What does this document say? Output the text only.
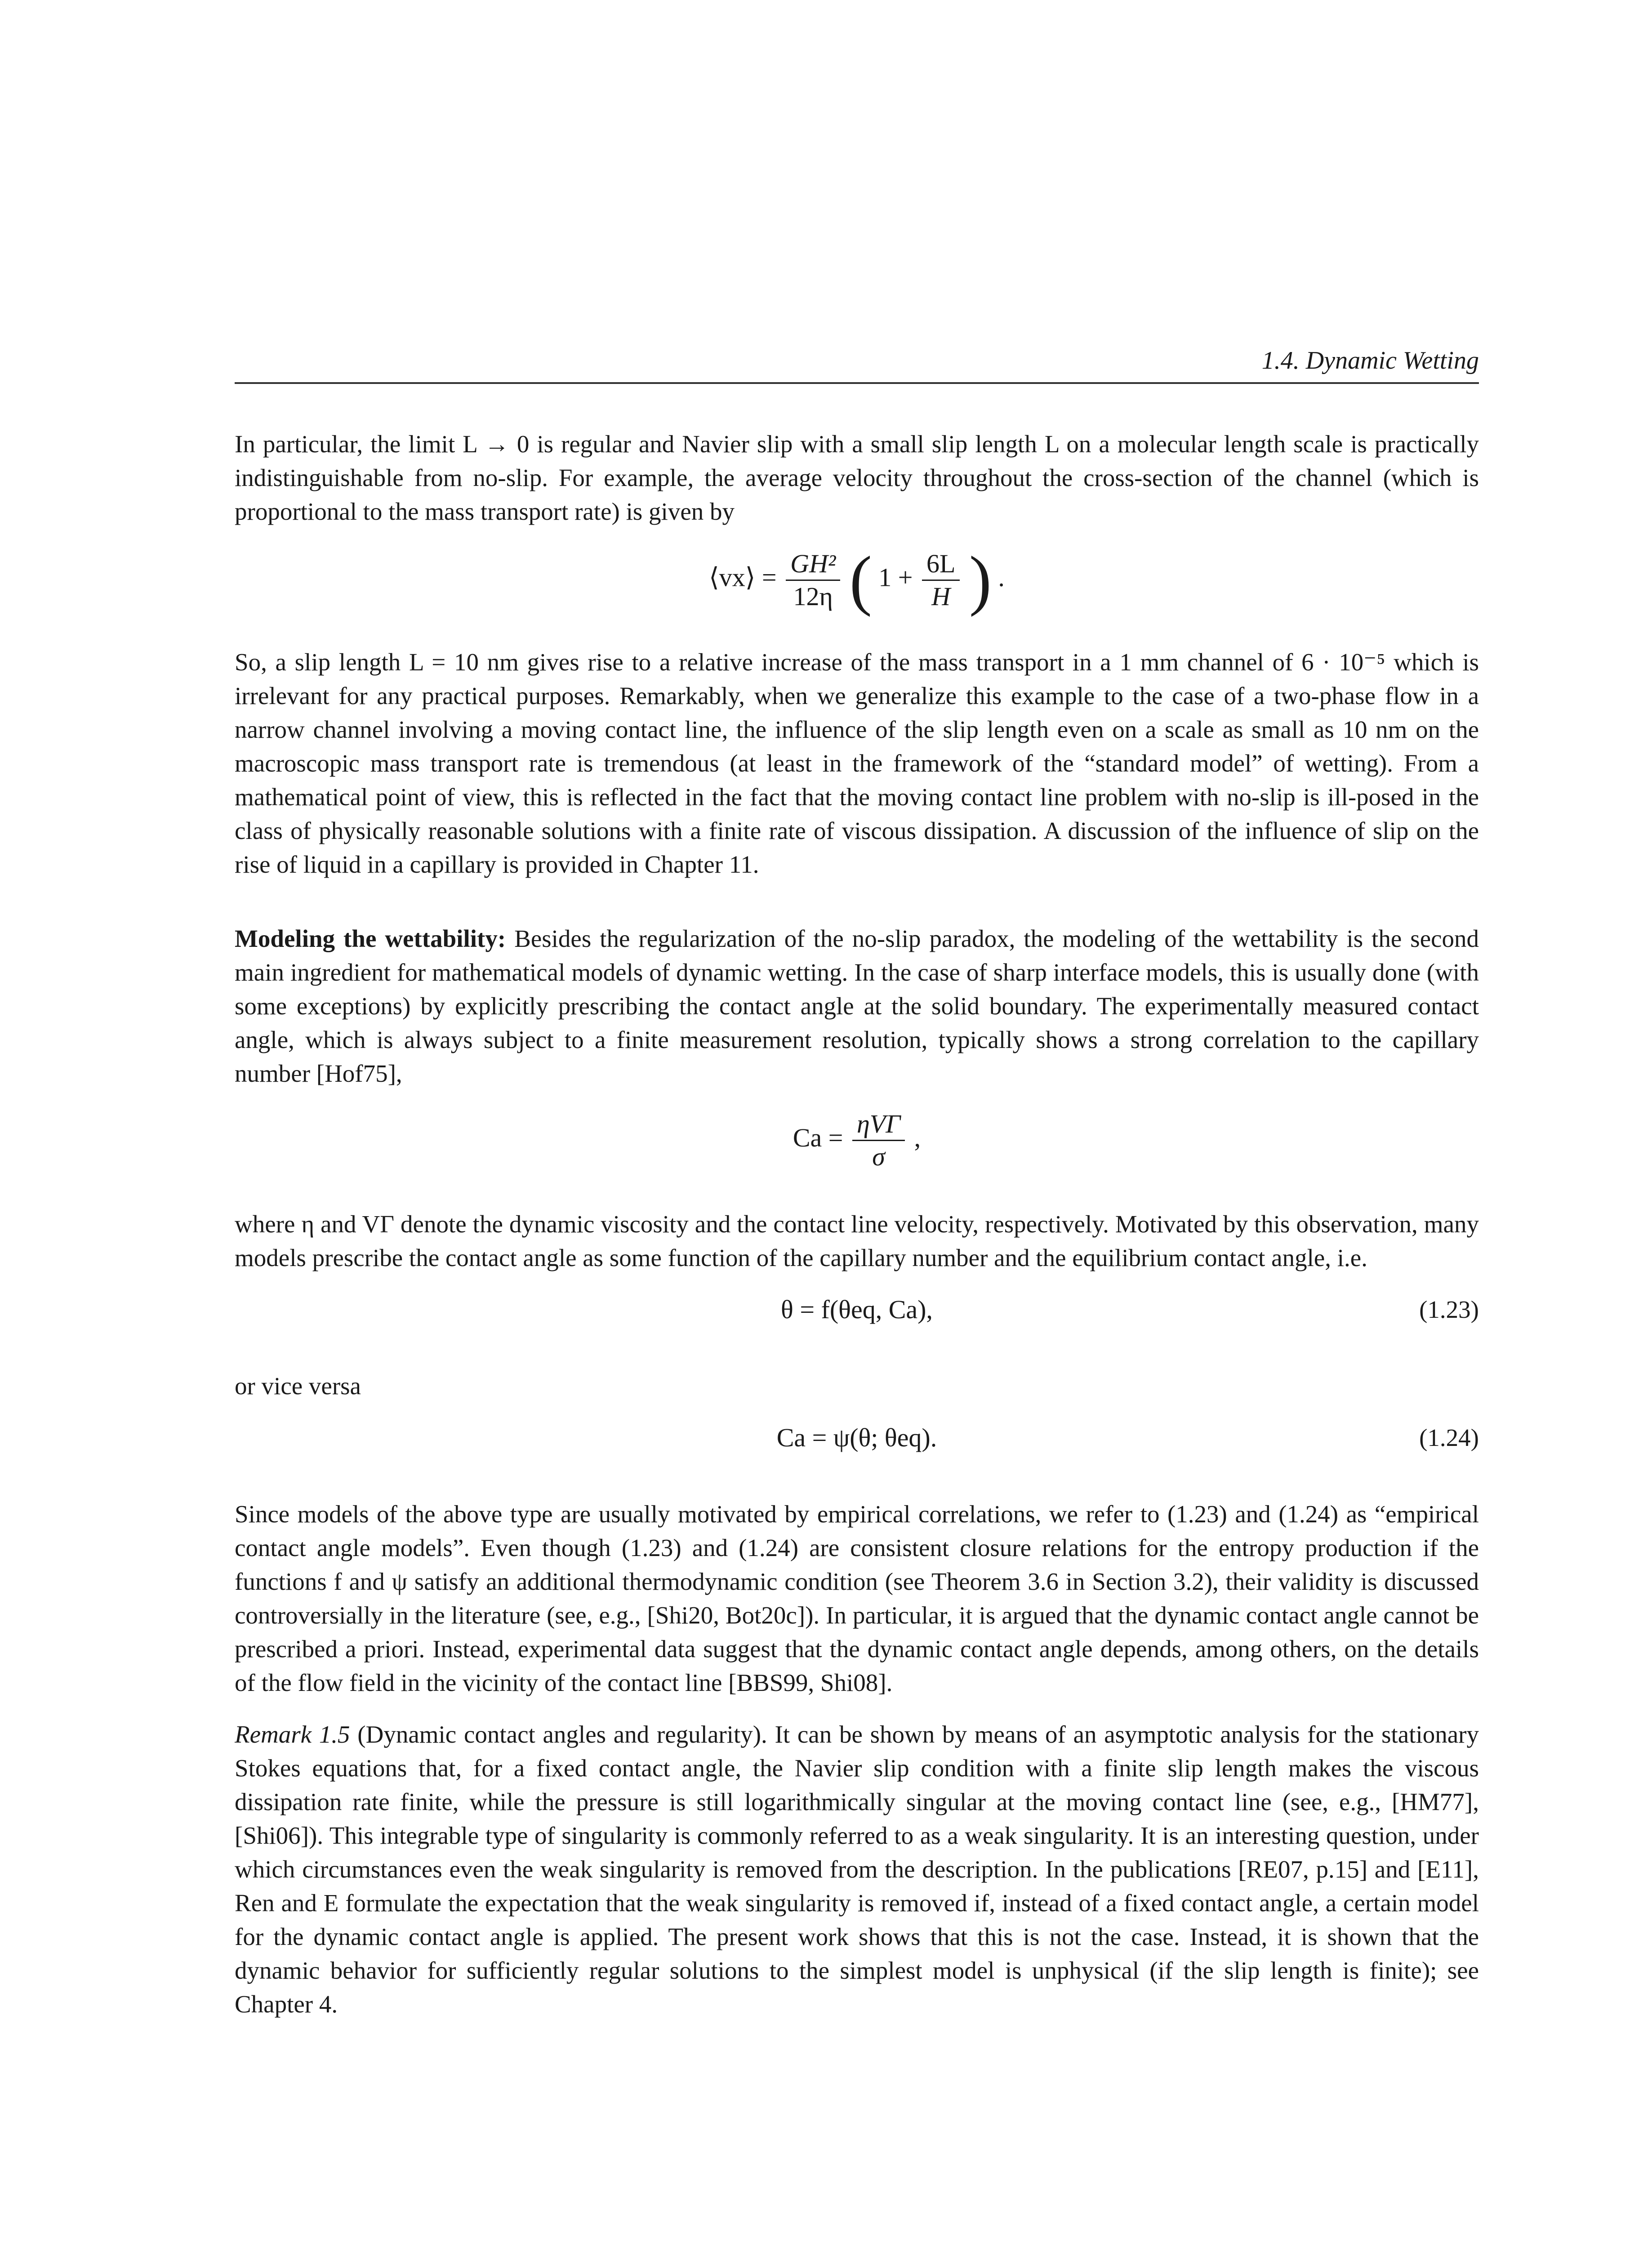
1.4. Dynamic Wetting

In particular, the limit L → 0 is regular and Navier slip with a small slip length L on a molecular length scale is practically indistinguishable from no-slip. For example, the average velocity throughout the cross-section of the channel (which is proportional to the mass transport rate) is given by

⟨vx⟩ = $\frac{\text{GH²}}{12\eta}$ ( $1 + \frac{6L}{H}$ ) .

So, a slip length L = 10 nm gives rise to a relative increase of the mass transport in a 1 mm channel of 6 · 10⁻⁵ which is irrelevant for any practical purposes. Remarkably, when we generalize this example to the case of a two-phase flow in a narrow channel involving a moving contact line, the influence of the slip length even on a scale as small as 10 nm on the macroscopic mass transport rate is tremendous (at least in the framework of the “standard model” of wetting). From a mathematical point of view, this is reflected in the fact that the moving contact line problem with no-slip is ill-posed in the class of physically reasonable solutions with a finite rate of viscous dissipation. A discussion of the influence of slip on the rise of liquid in a capillary is provided in Chapter 11.

Modeling the wettability: Besides the regularization of the no-slip paradox, the modeling of the wettability is the second main ingredient for mathematical models of dynamic wetting. In the case of sharp interface models, this is usually done (with some exceptions) by explicitly prescribing the contact angle at the solid boundary. The experimentally measured contact angle, which is always subject to a finite measurement resolution, typically shows a strong correlation to the capillary number [Hof75],

$Ca = \frac{\text{ηVΓ}}{\sigma}$ ,

where η and VΓ denote the dynamic viscosity and the contact line velocity, respectively. Motivated by this observation, many models prescribe the contact angle as some function of the capillary number and the equilibrium contact angle, i.e.

θ = f(θeq, Ca),	(1.23)

or vice versa

Ca = ψ(θ; θeq).	(1.24)

Since models of the above type are usually motivated by empirical correlations, we refer to (1.23) and (1.24) as “empirical contact angle models”. Even though (1.23) and (1.24) are consistent closure relations for the entropy production if the functions f and ψ satisfy an additional thermodynamic condition (see Theorem 3.6 in Section 3.2), their validity is discussed controversially in the literature (see, e.g., [Shi20, Bot20c]). In particular, it is argued that the dynamic contact angle cannot be prescribed a priori. Instead, experimental data suggest that the dynamic contact angle depends, among others, on the details of the flow field in the vicinity of the contact line [BBS99, Shi08].

Remark 1.5 (Dynamic contact angles and regularity). It can be shown by means of an asymptotic analysis for the stationary Stokes equations that, for a fixed contact angle, the Navier slip condition with a finite slip length makes the viscous dissipation rate finite, while the pressure is still logarithmically singular at the moving contact line (see, e.g., [HM77], [Shi06]). This integrable type of singularity is commonly referred to as a weak singularity. It is an interesting question, under which circumstances even the weak singularity is removed from the description. In the publications [RE07, p.15] and [E11], Ren and E formulate the expectation that the weak singularity is removed if, instead of a fixed contact angle, a certain model for the dynamic contact angle is applied. The present work shows that this is not the case. Instead, it is shown that the dynamic behavior for sufficiently regular solutions to the simplest model is unphysical (if the slip length is finite); see Chapter 4.
